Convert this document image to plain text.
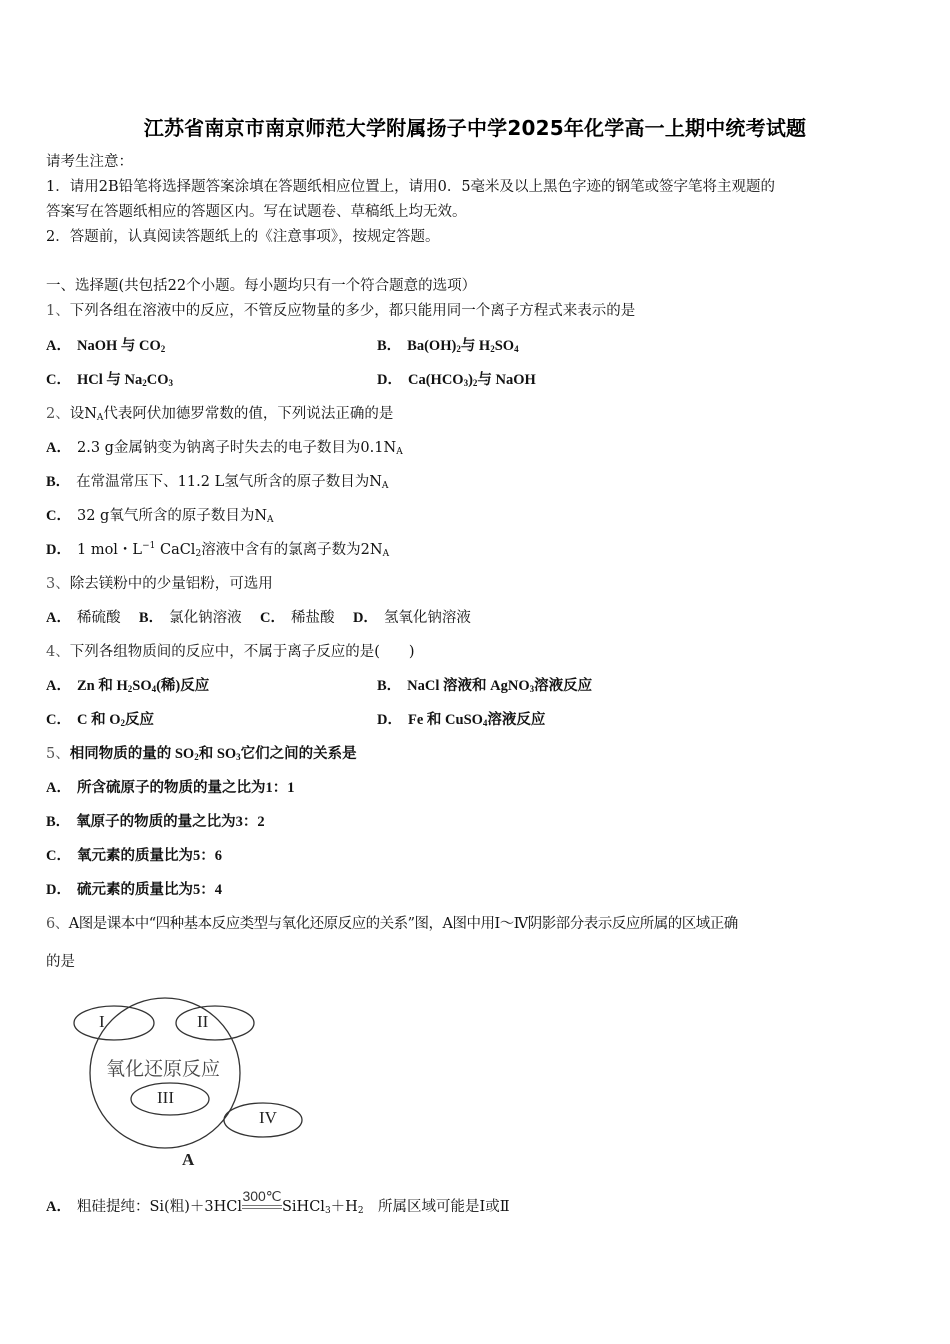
江苏省南京市南京师范大学附属扬子中学2025年化学高一上期中统考试题
请考生注意：
1．请用2B铅笔将选择题答案涂填在答题纸相应位置上，请用0．5毫米及以上黑色字迹的钢笔或签字笔将主观题的
答案写在答题纸相应的答题区内。写在试题卷、草稿纸上均无效。
2．答题前，认真阅读答题纸上的《注意事项》，按规定答题。
一、选择题(共包括22个小题。每小题均只有一个符合题意的选项）
1、下列各组在溶液中的反应，不管反应物量的多少，都只能用同一个离子方程式来表示的是
A． NaOH 与 $CO_2$	B． $Ba(OH)_2$与 $H_2SO_4$
C． HCl 与 $Na_2CO_3$	D． $Ca(HCO_3)_2$与 NaOH
2、设$N_A$代表阿伏加德罗常数的值，下列说法正确的是
A． 2.3 g金属钠变为钠离子时失去的电子数目为$0.1N_A$
B． 在常温常压下、11.2 L氢气所含的原子数目为$N_A$
C． 32 g氧气所含的原子数目为$N_A$
D． 1 mol・$L^{-1}$ CaCl$_2$溶液中含有的氯离子数为$2N_A$
3、除去镁粉中的少量铝粉，可选用
A． 稀硫酸 B． 氯化钠溶液 C． 稀盐酸 D． 氢氧化钠溶液
4、下列各组物质间的反应中，不属于离子反应的是(　　)
A． Zn 和 $H_2SO_4$(稀)反应	B． NaCl 溶液和 AgNO$_3$溶液反应
C． C 和 $O_2$反应	D． Fe 和 CuSO$_4$溶液反应
5、相同物质的量的 $SO_2$和 $SO_3$它们之间的关系是
A． 所含硫原子的物质的量之比为1：1
B． 氧原子的物质的量之比为3：2
C． 氧元素的质量比为5：6
D． 硫元素的质量比为5：4
6、A图是课本中“四种基本反应类型与氧化还原反应的关系”图，A图中用Ⅰ～Ⅳ阴影部分表示反应所属的区域正确
的是
氧化还原反应
I	II
III
IV
A
A． 粗硅提纯：Si(粗)＋3HCl
300℃
$SiHCl_3+H_2$　所属区域可能是Ⅰ或Ⅱ
